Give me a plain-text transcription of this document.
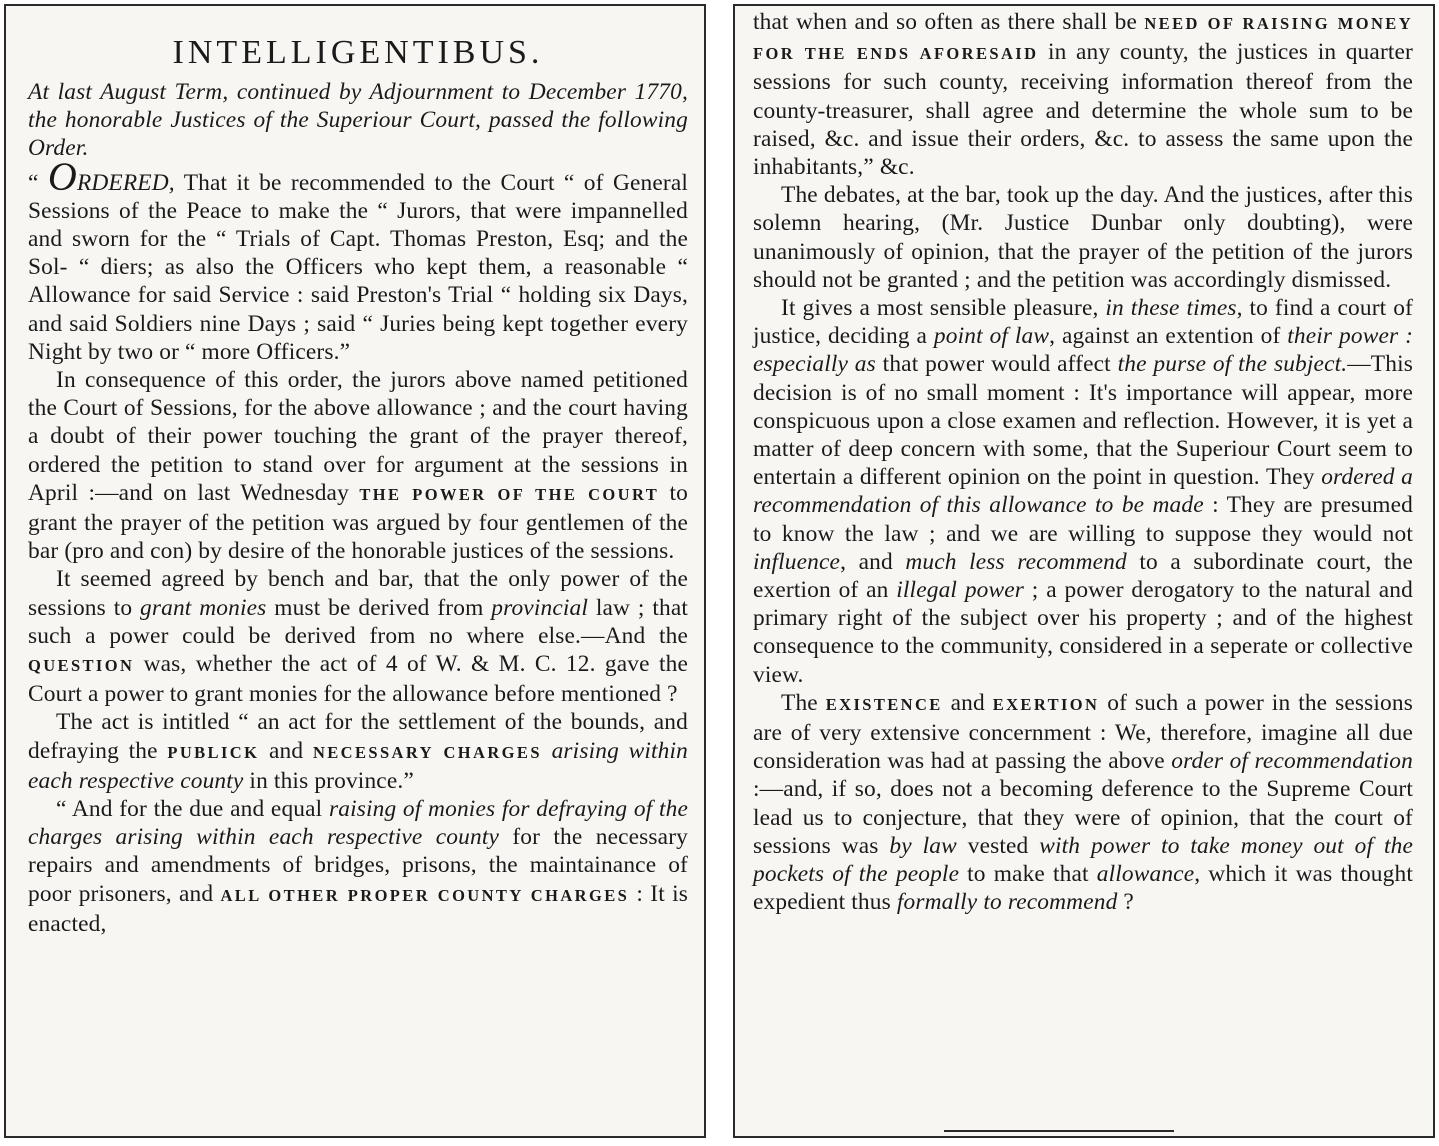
INTELLIGENTIBUS.

At last August Term, continued by Adjournment to December 1770, the honorable Justices of the Superiour Court, passed the following Order.

“ ORDERED, That it be recommended to the Court “ of General Sessions of the Peace to make the “ Jurors, that were impannelled and sworn for the “ Trials of Capt. Thomas Preston, Esq; and the Sol- “ diers; as also the Officers who kept them, a reasonable “ Allowance for said Service : said Preston's Trial “ holding six Days, and said Soldiers nine Days ; said “ Juries being kept together every Night by two or “ more Officers.”

In consequence of this order, the jurors above named petitioned the Court of Sessions, for the above allowance ; and the court having a doubt of their power touching the grant of the prayer thereof, ordered the petition to stand over for argument at the sessions in April :—and on last Wednesday THE POWER OF THE COURT to grant the prayer of the petition was argued by four gentlemen of the bar (pro and con) by desire of the honorable justices of the sessions.

It seemed agreed by bench and bar, that the only power of the sessions to grant monies must be derived from provincial law ; that such a power could be derived from no where else.—And the QUESTION was, whether the act of 4 of W. & M. C. 12. gave the Court a power to grant monies for the allowance before mentioned ?

The act is intitled “ an act for the settlement of the bounds, and defraying the PUBLICK and NECESSARY CHARGES arising within each respective county in this province.”

“ And for the due and equal raising of monies for defraying of the charges arising within each respective county for the necessary repairs and amendments of bridges, prisons, the maintainance of poor prisoners, and ALL OTHER PROPER COUNTY CHARGES : It is enacted,

that when and so often as there shall be NEED OF RAISING MONEY FOR THE ENDS AFORESAID in any county, the justices in quarter sessions for such county, receiving information thereof from the county-treasurer, shall agree and determine the whole sum to be raised, &c. and issue their orders, &c. to assess the same upon the inhabitants,” &c.

The debates, at the bar, took up the day. And the justices, after this solemn hearing, (Mr. Justice Dunbar only doubting), were unanimously of opinion, that the prayer of the petition of the jurors should not be granted ; and the petition was accordingly dismissed.

It gives a most sensible pleasure, in these times, to find a court of justice, deciding a point of law, against an extention of their power : especially as that power would affect the purse of the subject.—This decision is of no small moment : It's importance will appear, more conspicuous upon a close examen and reflection. However, it is yet a matter of deep concern with some, that the Superiour Court seem to entertain a different opinion on the point in question. They ordered a recommendation of this allowance to be made : They are presumed to know the law ; and we are willing to suppose they would not influence, and much less recommend to a subordinate court, the exertion of an illegal power ; a power derogatory to the natural and primary right of the subject over his property ; and of the highest consequence to the community, considered in a seperate or collective view.

The EXISTENCE and EXERTION of such a power in the sessions are of very extensive concernment : We, therefore, imagine all due consideration was had at passing the above order of recommendation :—and, if so, does not a becoming deference to the Supreme Court lead us to conjecture, that they were of opinion, that the court of sessions was by law vested with power to take money out of the pockets of the people to make that allowance, which it was thought expedient thus formally to recommend ?
